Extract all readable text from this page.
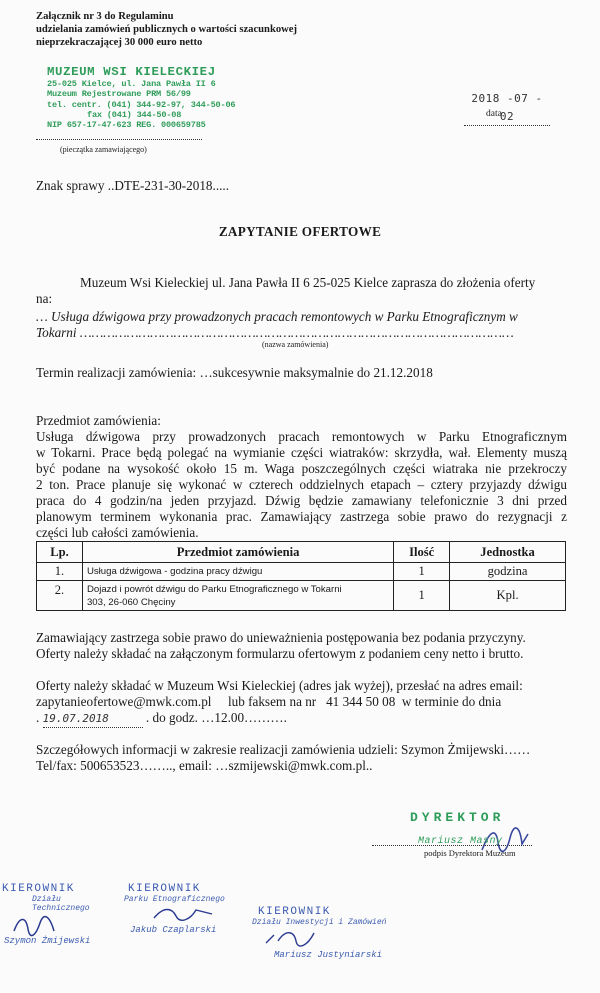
Załącznik nr 3 do Regulaminu
udzielania zamówień publicznych o wartości szacunkowej
nieprzekraczającej 30 000 euro netto
MUZEUM WSI KIELECKIEJ
25-025 Kielce, ul. Jana Pawła II 6
Muzeum Rejestrowane PRM 56/99
tel. centr. (041) 344-92-97, 344-50-06
fax (041) 344-50-08
NIP 657-17-47-623 REG. 000659785
(pieczątka zamawiającego)
2018 -07 - 02
data
Znak sprawy ..DTE-231-30-2018.....
ZAPYTANIE OFERTOWE
Muzeum Wsi Kieleckiej ul. Jana Pawła II 6 25-025 Kielce zaprasza do złożenia oferty
na:
… Usługa dźwigowa przy prowadzonych pracach remontowych w Parku Etnograficznym w
Tokarni …………………………………………………………………………………………………
(nazwa zamówienia)
Termin realizacji zamówienia: …sukcesywnie maksymalnie do 21.12.2018
Przedmiot zamówienia:
Usługa dźwigowa przy prowadzonych pracach remontowych w Parku Etnograficznym
w Tokarni. Prace będą polegać na wymianie części wiatraków: skrzydła, wał. Elementy muszą
być podane na wysokość około 15 m. Waga poszczególnych części wiatraka nie przekroczy
2 ton. Prace planuje się wykonać w czterech oddzielnych etapach – cztery przyjazdy dźwigu
praca do 4 godzin/na jeden przyjazd. Dźwig będzie zamawiany telefonicznie 3 dni przed
planowym terminem wykonania prac. Zamawiający zastrzega sobie prawo do rezygnacji z
części lub całości zamówienia.
Lp.	Przedmiot zamówienia	Ilość	Jednostka
1.	Usługa dźwigowa - godzina pracy dźwigu	1	godzina
2.	Dojazd i powrót dźwigu do Parku Etnograficznego w Tokarni
303, 26-060 Chęciny	1	Kpl.
Zamawiający zastrzega sobie prawo do unieważnienia postępowania bez podania przyczyny.
Oferty należy składać na załączonym formularzu ofertowym z podaniem ceny netto i brutto.
Oferty należy składać w Muzeum Wsi Kieleckiej (adres jak wyżej), przesłać na adres email:
zapytanieofertowe@mwk.com.pl     lub faksem na nr   41 344 50 08  w terminie do dnia
. 19.07.2018	. do godz. …12.00……….
Szczegółowych informacji w zakresie realizacji zamówienia udzieli: Szymon Żmijewski……
Tel/fax: 500653523…….., email: …szmijewski@mwk.com.pl..
DYREKTOR
Mariusz Masny
podpis Dyrektora Muzeum
KIEROWNIK
Działu Technicznego
Szymon Żmijewski
KIEROWNIK
Parku Etnograficznego
Jakub Czaplarski
KIEROWNIK
Działu Inwestycji i Zamówień
Mariusz Justyniarski
